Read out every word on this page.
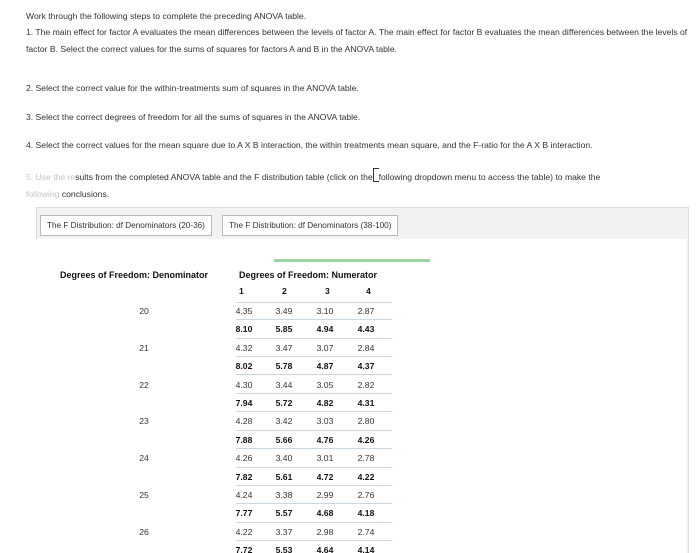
Work through the following steps to complete the preceding ANOVA table.
1. The main effect for factor A evaluates the mean differences between the levels of factor A. The main effect for factor B evaluates the mean differences between the levels of factor B. Select the correct values for the sums of squares for factors A and B in the ANOVA table.
2. Select the correct value for the within-treatments sum of squares in the ANOVA table.
3. Select the correct degrees of freedom for all the sums of squares in the ANOVA table.
4. Select the correct values for the mean square due to A X B interaction, the within treatments mean square, and the F-ratio for the A X B interaction.
5. Use the results from the completed ANOVA table and the F distribution table (click on the following dropdown menu to access the table) to make the
following conclusions.
The F Distribution: df Denominators (20-36)	The F Distribution: df Denominators (38-100)
Degrees of Freedom: Denominator	Degrees of Freedom: Numerator
1	2	3	4
20	4.35	3.49	3.10	2.87
8.10	5.85	4.94	4.43
21	4.32	3.47	3.07	2.84
8.02	5.78	4.87	4.37
22	4.30	3.44	3.05	2.82
7.94	5.72	4.82	4.31
23	4.28	3.42	3.03	2.80
7.88	5.66	4.76	4.26
24	4.26	3.40	3.01	2.78
7.82	5.61	4.72	4.22
25	4.24	3.38	2.99	2.76
7.77	5.57	4.68	4.18
26	4.22	3.37	2.98	2.74
7.72	5.53	4.64	4.14
